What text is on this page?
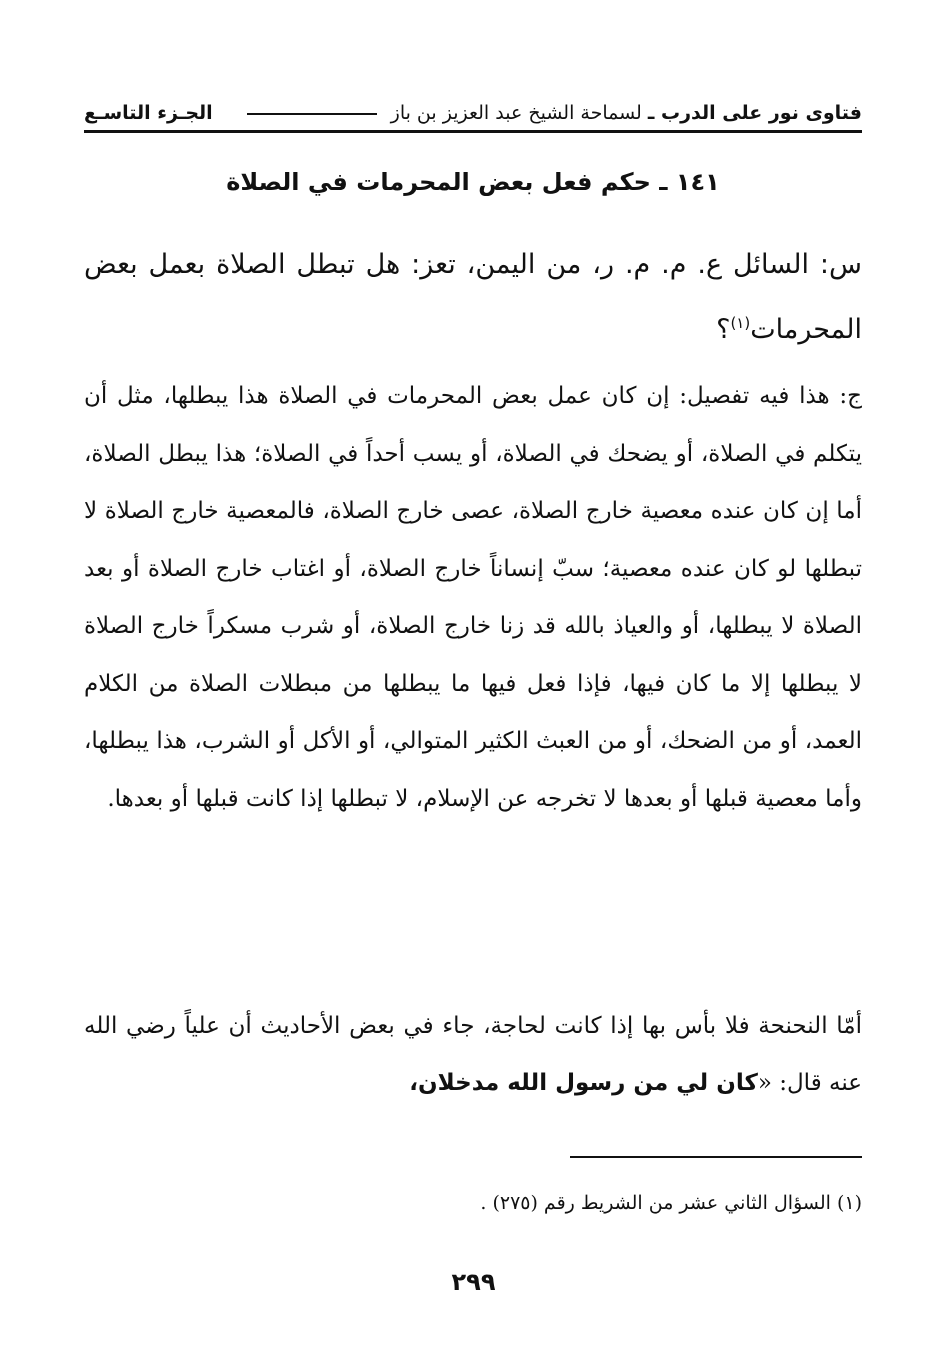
فتاوى نور على الدرب ـ لسماحة الشيخ عبد العزيز بن باز
الجـزء التاسـع
١٤١ ـ حكم فعل بعض المحرمات في الصلاة
س: السائل ع. م. م. ر، من اليمن، تعز: هل تبطل الصلاة بعمل بعض المحرمات$^{(١)}$؟
ج: هذا فيه تفصيل: إن كان عمل بعض المحرمات في الصلاة هذا يبطلها، مثل أن يتكلم في الصلاة، أو يضحك في الصلاة، أو يسب أحداً في الصلاة؛ هذا يبطل الصلاة، أما إن كان عنده معصية خارج الصلاة، عصى خارج الصلاة، فالمعصية خارج الصلاة لا تبطلها لو كان عنده معصية؛ سبّ إنساناً خارج الصلاة، أو اغتاب خارج الصلاة أو بعد الصلاة لا يبطلها، أو والعياذ بالله قد زنا خارج الصلاة، أو شرب مسكراً خارج الصلاة لا يبطلها إلا ما كان فيها، فإذا فعل فيها ما يبطلها من مبطلات الصلاة من الكلام العمد، أو من الضحك، أو من العبث الكثير المتوالي، أو الأكل أو الشرب، هذا يبطلها، وأما معصية قبلها أو بعدها لا تخرجه عن الإسلام، لا تبطلها إذا كانت قبلها أو بعدها.
أمّا النحنحة فلا بأس بها إذا كانت لحاجة، جاء في بعض الأحاديث أن علياً رضي الله عنه قال: «كان لي من رسول الله مدخلان،
(١) السؤال الثاني عشر من الشريط رقم (٢٧٥) .
٢٩٩
